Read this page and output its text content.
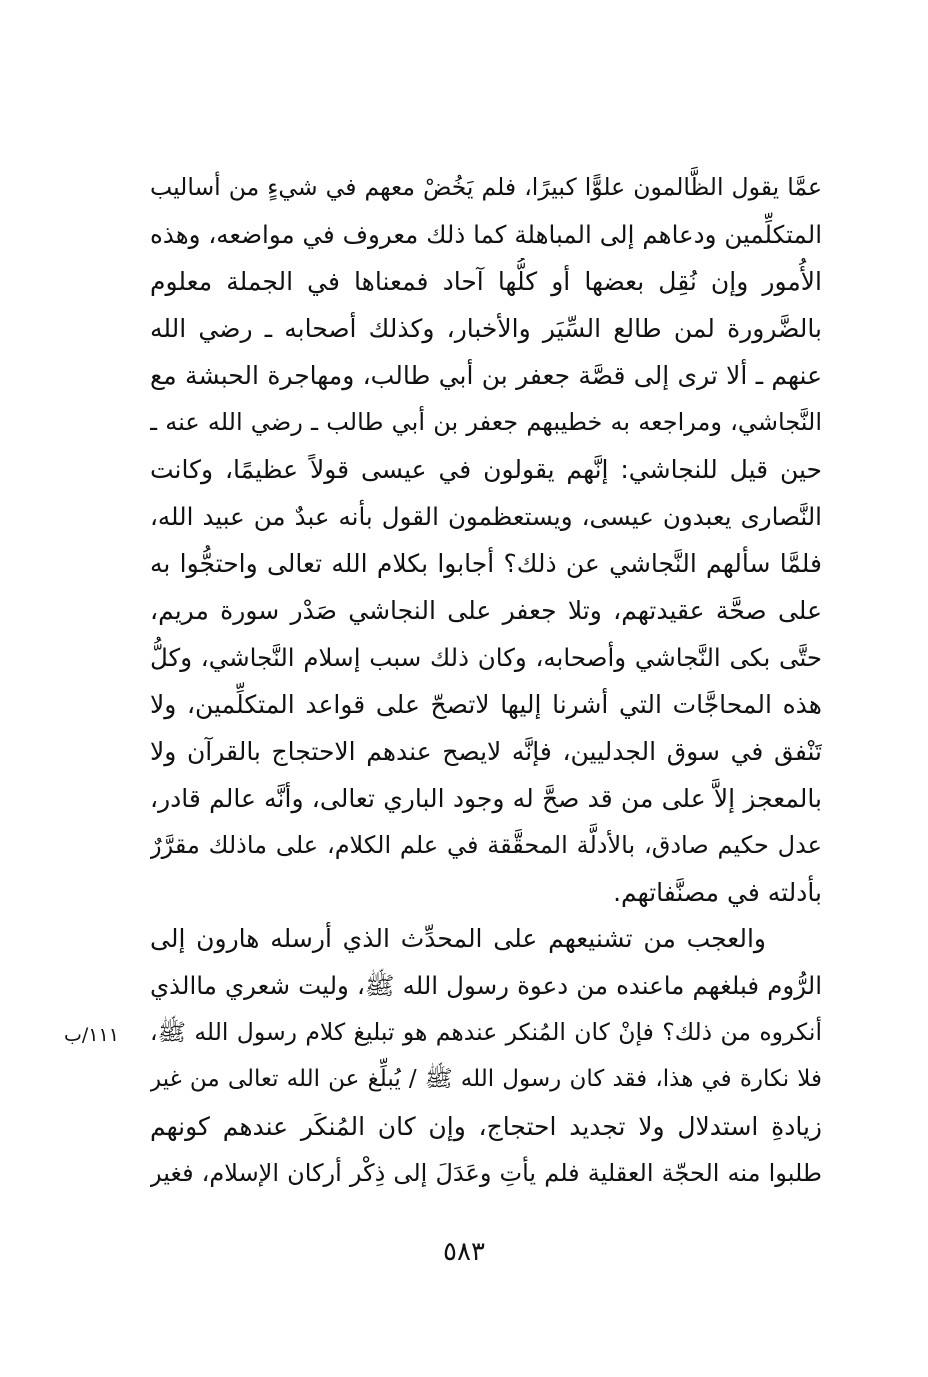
عمَّا يقول الظَّالمون علوًّا كبيرًا، فلم يَخُضْ معهم في شيءٍ من أساليب
المتكلِّمين ودعاهم إلى المباهلة كما ذلك معروف في مواضعه، وهذه
الأُمور وإن نُقِل بعضها أو كلُّها آحاد فمعناها في الجملة معلوم
بالضَّرورة لمن طالع السِّيَر والأخبار، وكذلك أصحابه ـ رضي الله
عنهم ـ ألا ترى إلى قصَّة جعفر بن أبي طالب، ومهاجرة الحبشة مع
النَّجاشي، ومراجعه به خطيبهم جعفر بن أبي طالب ـ رضي الله عنه ـ
حين قيل للنجاشي: إنَّهم يقولون في عيسى قولاً عظيمًا، وكانت
النَّصارى يعبدون عيسى، ويستعظمون القول بأنه عبدٌ من عبيد الله،
فلمَّا سألهم النَّجاشي عن ذلك؟ أجابوا بكلام الله تعالى واحتجُّوا به
على صحَّة عقيدتهم، وتلا جعفر على النجاشي صَدْر سورة مريم،
حتَّى بكى النَّجاشي وأصحابه، وكان ذلك سبب إسلام النَّجاشي، وكلُّ
هذه المحاجَّات التي أشرنا إليها لاتصحّ على قواعد المتكلِّمين، ولا
تَنْفق في سوق الجدليين، فإنَّه لايصح عندهم الاحتجاج بالقرآن ولا
بالمعجز إلاَّ على من قد صحَّ له وجود الباري تعالى، وأنَّه عالم قادر،
عدل حكيم صادق، بالأدلَّة المحقَّقة في علم الكلام، على ماذلك مقرَّرٌ
بأدلته في مصنَّفاتهم.
والعجب من تشنيعهم على المحدِّث الذي أرسله هارون إلى
الرُّوم فبلغهم ماعنده من دعوة رسول الله ﷺ، وليت شعري ماالذي
أنكروه من ذلك؟ فإنْ كان المُنكر عندهم هو تبليغ كلام رسول الله ﷺ،
فلا نكارة في هذا، فقد كان رسول الله ﷺ / يُبلِّغ عن الله تعالى من غير
زيادةِ استدلال ولا تجديد احتجاج، وإن كان المُنكَر عندهم كونهم
طلبوا منه الحجّة العقلية فلم يأتِ وعَدَلَ إلى ذِكْر أركان الإسلام، فغير
١١١/ب
٥٨٣
